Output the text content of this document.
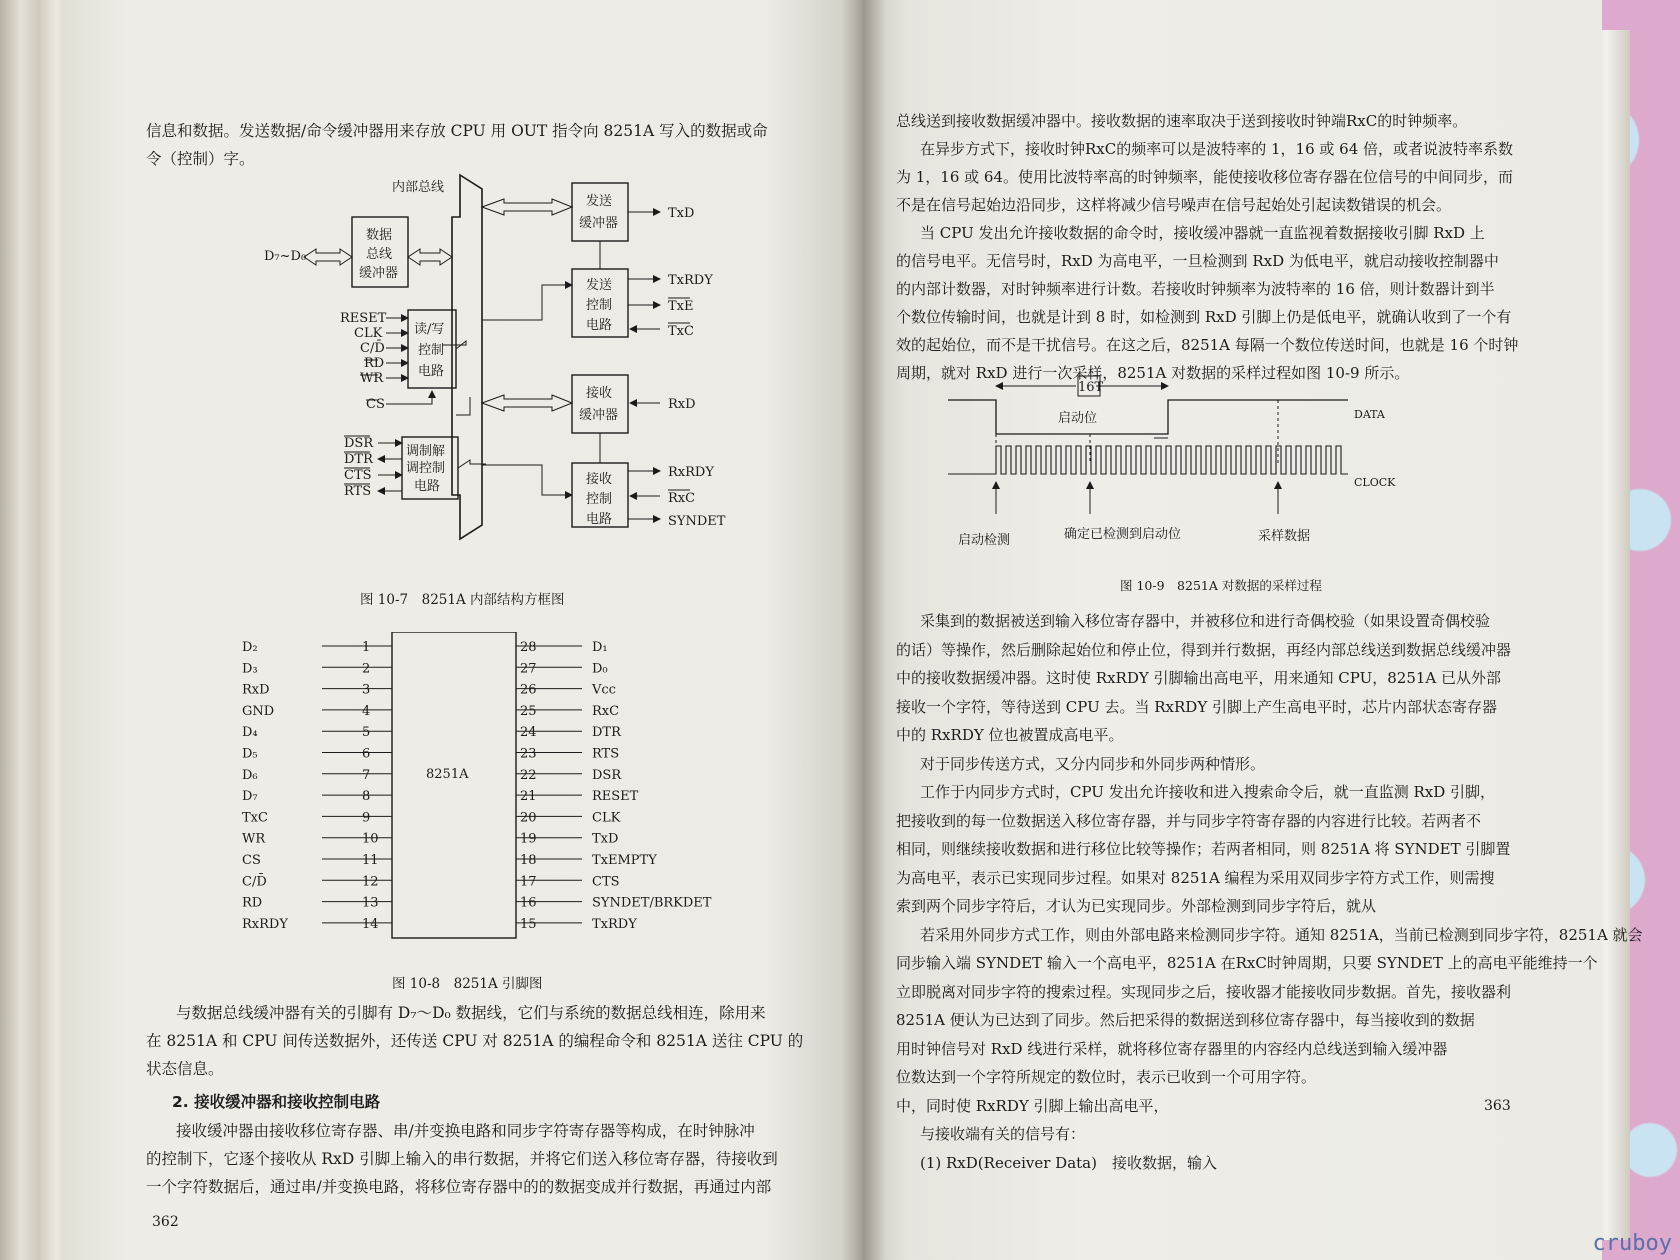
信息和数据。发送数据/命令缓冲器用来存放 CPU 用 OUT 指令向 8251A 写入的数据或命
令（控制）字。
内部总线
数据
总线
缓冲器
D₇~D₀
读/写
控制
电路
RESET
CLK
C/D̄
RD
WR
CS
调制解
调控制
电路
DSR
DTR
CTS
RTS
发送
缓冲器
TxD
发送
控制
电路
TxRDY
TxE
TxC
接收
缓冲器
RxD
接收
控制
电路
RxRDY
RxC
SYNDET
图 10-7　8251A 内部结构方框图
8251A
D₂	1
D₃	2
RxD	3
GND	4
D₄	5
D₅	6
D₆	7
D₇	8
TxC	9
WR	10
CS	11
C/D̄	12
RD	13
RxRDY	14
28	D₁
27	D₀
26	Vcc
25	RxC
24	DTR
23	RTS
22	DSR
21	RESET
20	CLK
19	TxD
18	TxEMPTY
17	CTS
16	SYNDET/BRKDET
15	TxRDY
图 10-8　8251A 引脚图
与数据总线缓冲器有关的引脚有 D₇～D₀ 数据线，它们与系统的数据总线相连，除用来
在 8251A 和 CPU 间传送数据外，还传送 CPU 对 8251A 的编程命令和 8251A 送往 CPU 的
状态信息。
2. 接收缓冲器和接收控制电路
接收缓冲器由接收移位寄存器、串/并变换电路和同步字符寄存器等构成，在时钟脉冲
的控制下，它逐个接收从 RxD 引脚上输入的串行数据，并将它们送入移位寄存器，待接收到
一个字符数据后，通过串/并变换电路，将移位寄存器中的的数据变成并行数据，再通过内部
362
总线送到接收数据缓冲器中。接收数据的速率取决于送到接收时钟端RxC的时钟频率。
在异步方式下，接收时钟RxC的频率可以是波特率的 1，16 或 64 倍，或者说波特率系数
为 1，16 或 64。使用比波特率高的时钟频率，能使接收移位寄存器在位信号的中间同步，而
不是在信号起始边沿同步，这样将减少信号噪声在信号起始处引起读数错误的机会。
当 CPU 发出允许接收数据的命令时，接收缓冲器就一直监视着数据接收引脚 RxD 上
的信号电平。无信号时，RxD 为高电平，一旦检测到 RxD 为低电平，就启动接收控制器中
的内部计数器，对时钟频率进行计数。若接收时钟频率为波特率的 16 倍，则计数器计到半
个数位传输时间，也就是计到 8 时，如检测到 RxD 引脚上仍是低电平，就确认收到了一个有
效的起始位，而不是干扰信号。在这之后，8251A 每隔一个数位传送时间，也就是 16 个时钟
周期，就对 RxD 进行一次采样，8251A 对数据的采样过程如图 10-9 所示。
16T
启动位	DATA
CLOCK
启动检测	确定已检测到启动位	采样数据
图 10-9　8251A 对数据的采样过程
采集到的数据被送到输入移位寄存器中，并被移位和进行奇偶校验（如果设置奇偶校验
的话）等操作，然后删除起始位和停止位，得到并行数据，再经内部总线送到数据总线缓冲器
中的接收数据缓冲器。这时使 RxRDY 引脚输出高电平，用来通知 CPU，8251A 已从外部
接收一个字符，等待送到 CPU 去。当 RxRDY 引脚上产生高电平时，芯片内部状态寄存器
中的 RxRDY 位也被置成高电平。
对于同步传送方式，又分内同步和外同步两种情形。
工作于内同步方式时，CPU 发出允许接收和进入搜索命令后，就一直监测 RxD 引脚，
把接收到的每一位数据送入移位寄存器，并与同步字符寄存器的内容进行比较。若两者不
相同，则继续接收数据和进行移位比较等操作；若两者相同，则 8251A 将 SYNDET 引脚置
为高电平，表示已实现同步过程。如果对 8251A 编程为采用双同步字符方式工作，则需搜
索到两个同步字符后，才认为已实现同步。外部检测到同步字符后，就从
若采用外同步方式工作，则由外部电路来检测同步字符。通知 8251A，当前已检测到同步字符，8251A 就会
同步输入端 SYNDET 输入一个高电平，8251A 在RxC时钟周期，只要 SYNDET 上的高电平能维持一个
立即脱离对同步字符的搜索过程。实现同步之后，接收器才能接收同步数据。首先，接收器利
8251A 便认为已达到了同步。然后把采得的数据送到移位寄存器中，每当接收到的数据
用时钟信号对 RxD 线进行采样，就将移位寄存器里的内容经内总线送到输入缓冲器
位数达到一个字符所规定的数位时，表示已收到一个可用字符。
中，同时使 RxRDY 引脚上输出高电平，
与接收端有关的信号有：
(1) RxD(Receiver Data)　接收数据，输入
363
cruboy
